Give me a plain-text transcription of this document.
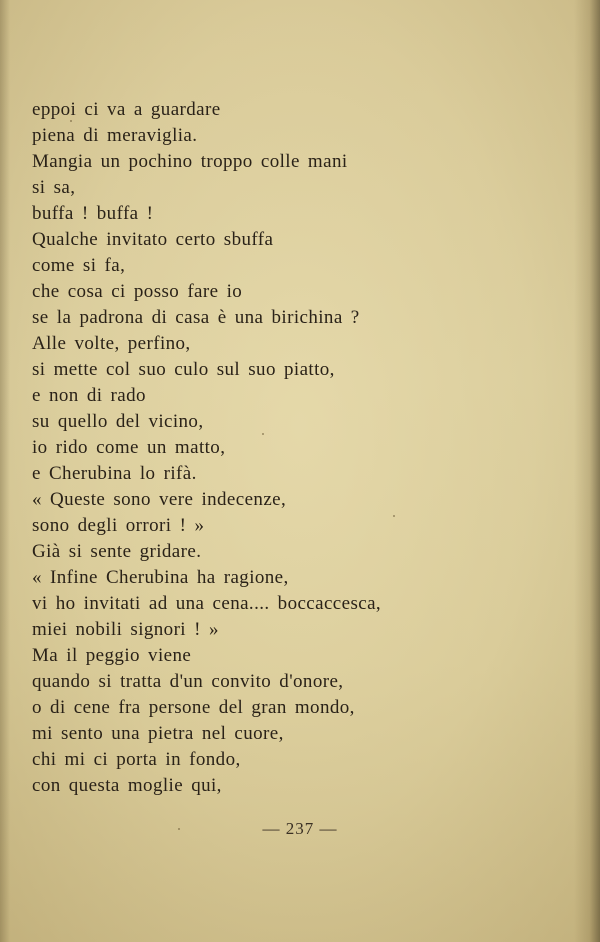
eppoi ci va a guardare
piena di meraviglia.
Mangia un pochino troppo colle mani
si sa,
buffa ! buffa !
Qualche invitato certo sbuffa
come si fa,
che cosa ci posso fare io
se la padrona di casa è una birichina ?
Alle volte, perfino,
si mette col suo culo sul suo piatto,
e non di rado
su quello del vicino,
io rido come un matto,
e Cherubina lo rifà.
« Queste sono vere indecenze,
sono degli orrori ! »
Già si sente gridare.
« Infine Cherubina ha ragione,
vi ho invitati ad una cena.... boccaccesca,
miei nobili signori ! »
Ma il peggio viene
quando si tratta d'un convito d'onore,
o di cene fra persone del gran mondo,
mi sento una pietra nel cuore,
chi mi ci porta in fondo,
con questa moglie qui,
— 237 —
